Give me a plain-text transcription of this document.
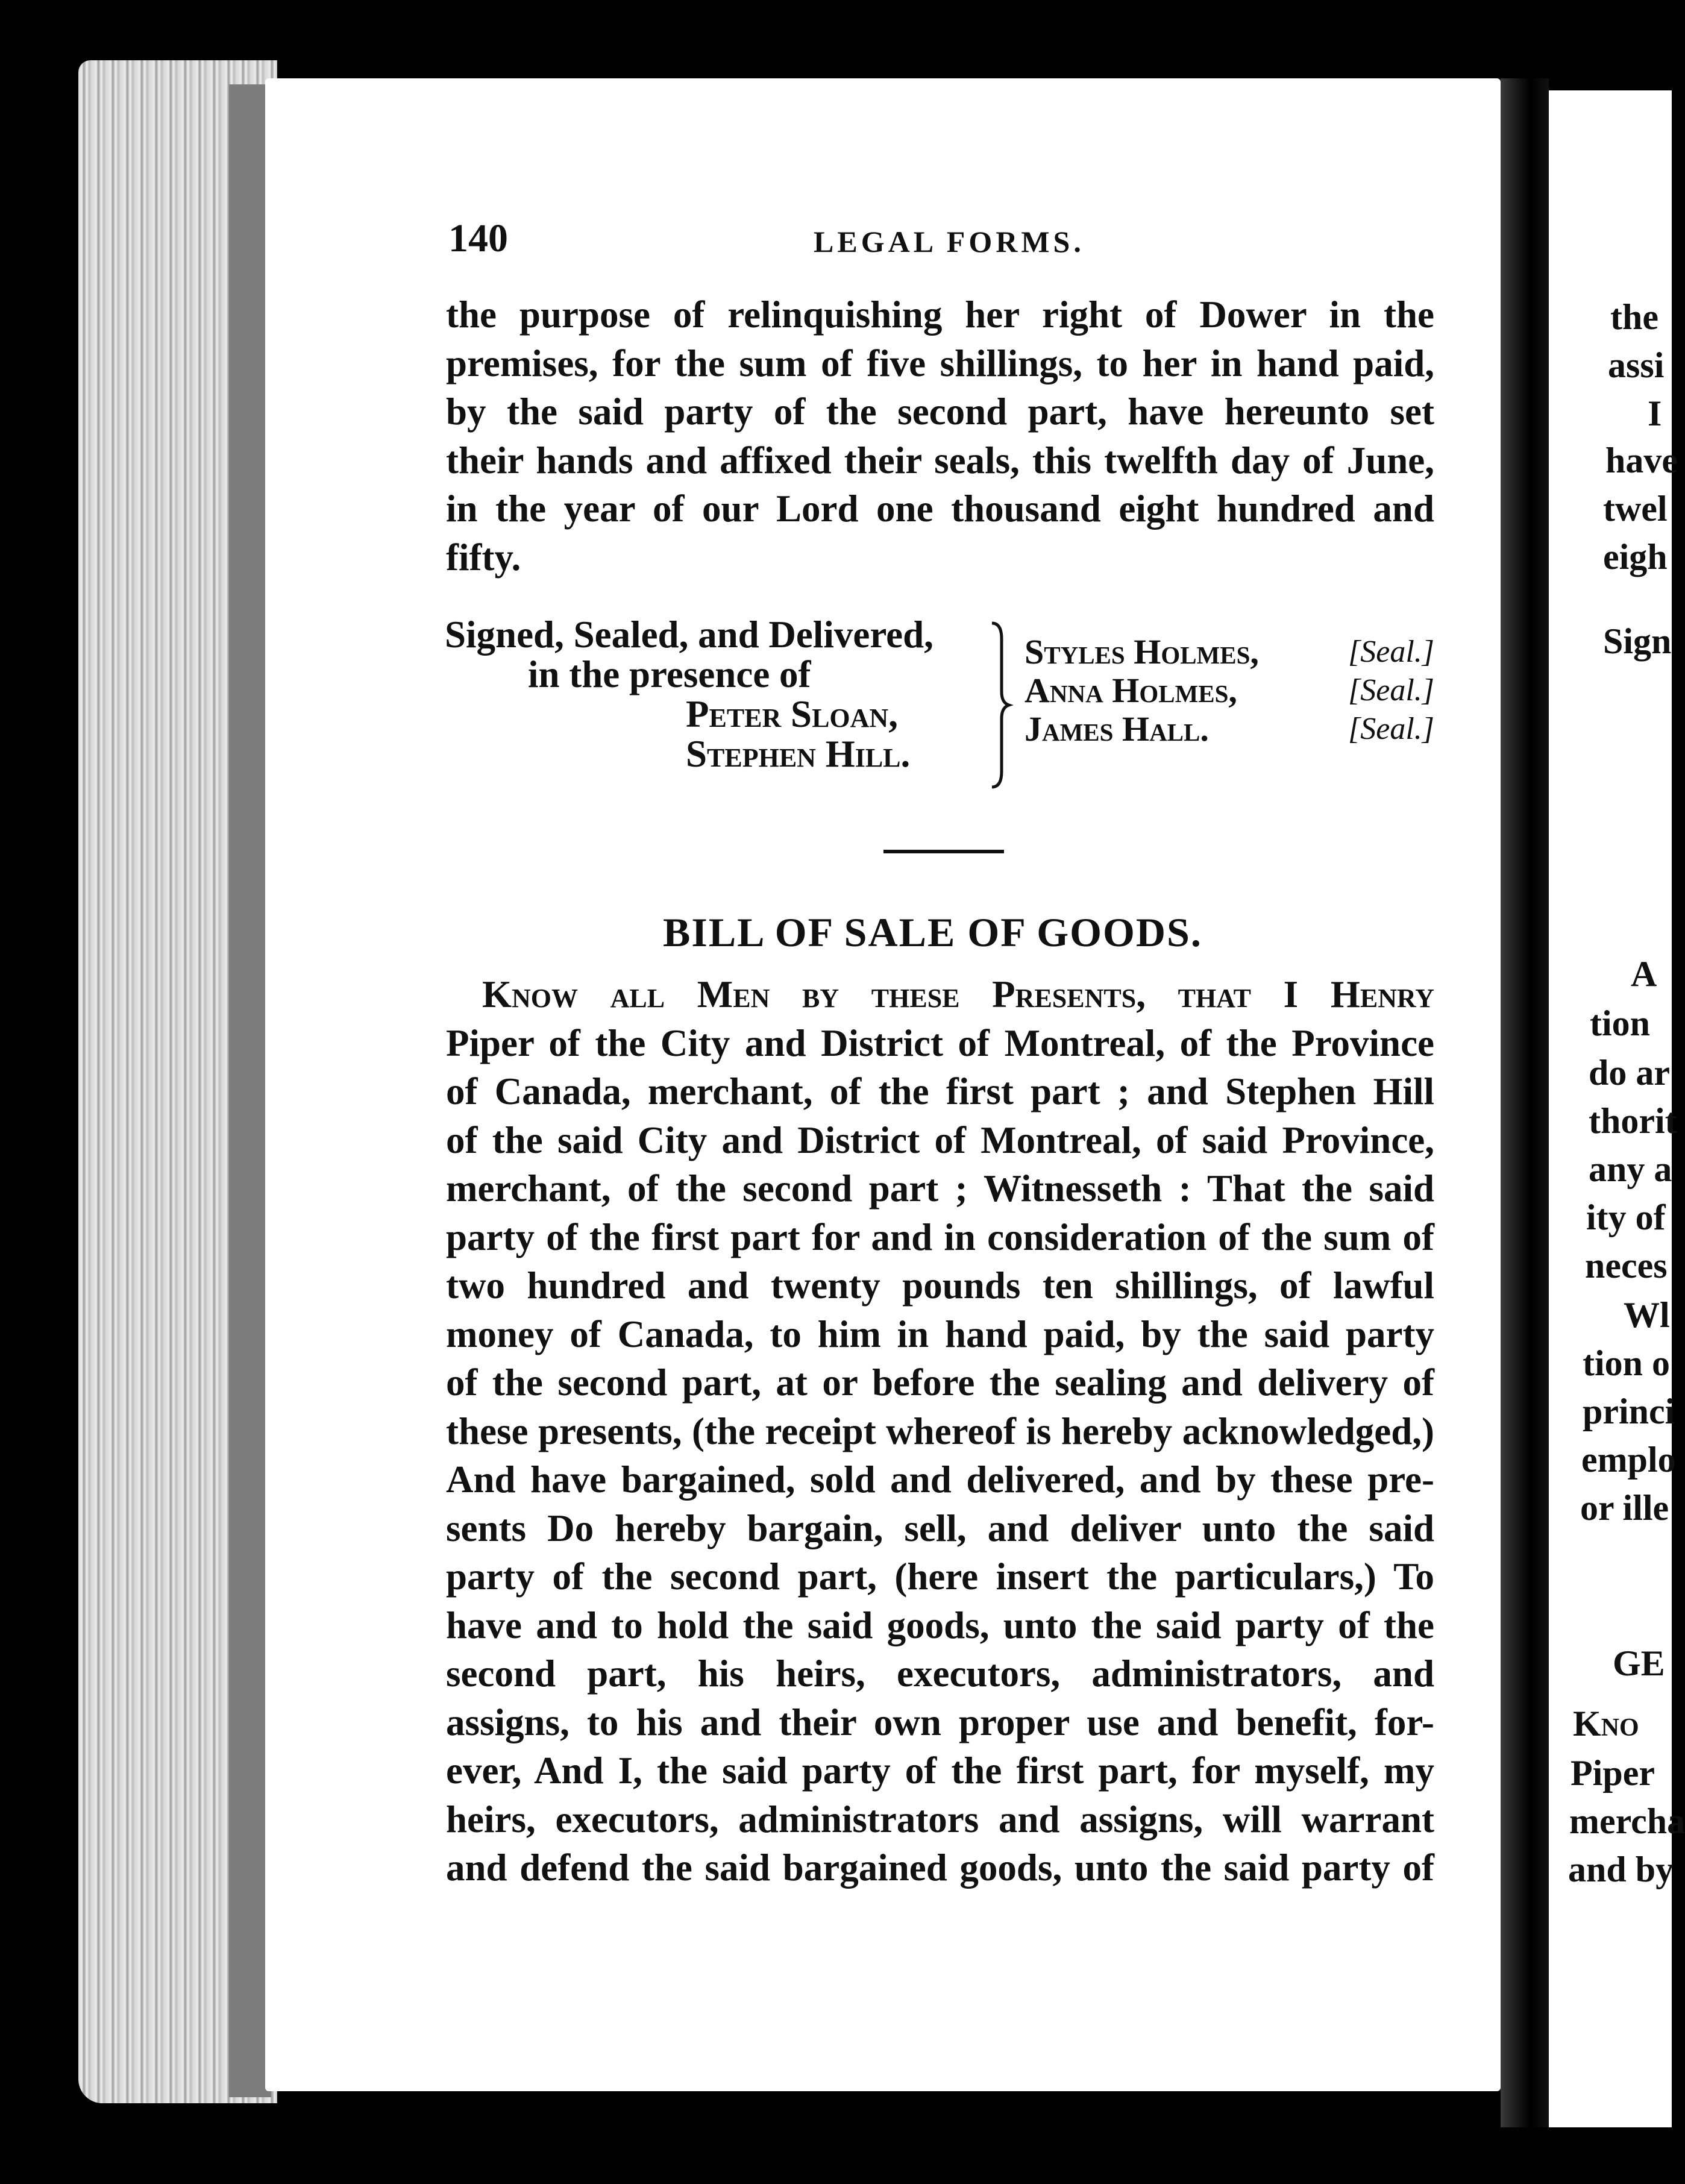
140	LEGAL FORMS.
the purpose of relinquishing her right of Dower in the
premises, for the sum of five shillings, to her in hand paid,
by the said party of the second part, have hereunto set
their hands and affixed their seals, this twelfth day of June,
in the year of our Lord one thousand eight hundred and
fifty.
Signed, Sealed, and Delivered,
in the presence of
Peter Sloan,
Stephen Hill.
Styles Holmes,	[Seal.]
Anna Holmes,	[Seal.]
James Hall.	[Seal.]
BILL OF SALE OF GOODS.
Know all Men by these Presents, that I Henry
Piper of the City and District of Montreal, of the Province
of Canada, merchant, of the first part ; and Stephen Hill
of the said City and District of Montreal, of said Province,
merchant, of the second part ; Witnesseth : That the said
party of the first part for and in consideration of the sum of
two hundred and twenty pounds ten shillings, of lawful
money of Canada, to him in hand paid, by the said party
of the second part, at or before the sealing and delivery of
these presents, (the receipt whereof is hereby acknowledged,)
And have bargained, sold and delivered, and by these pre-
sents Do hereby bargain, sell, and deliver unto the said
party of the second part, (here insert the particulars,) To
have and to hold the said goods, unto the said party of the
second part, his heirs, executors, administrators, and
assigns, to his and their own proper use and benefit, for-
ever, And I, the said party of the first part, for myself, my
heirs, executors, administrators and assigns, will warrant
and defend the said bargained goods, unto the said party of
the
assi
I
have
twel
eigh
Sign
A
tion
do ar
thorit
any a
ity of
neces
Wl
tion o
princi
emplo
or ille
GE
Kno
Piper
mercha
and by
